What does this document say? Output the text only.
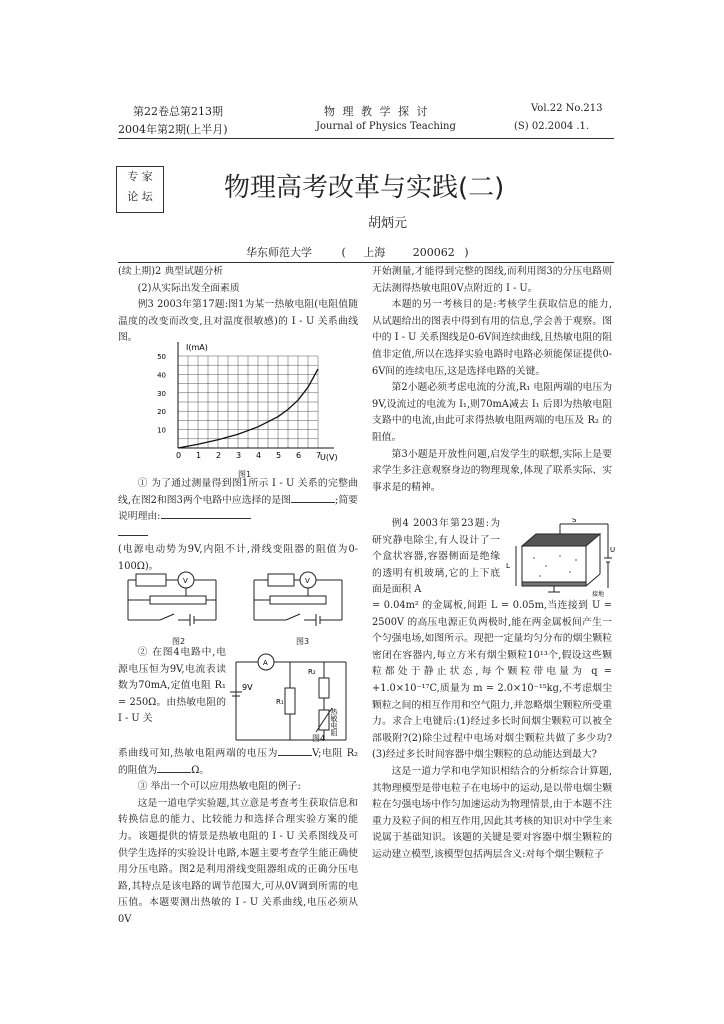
第22卷总第213期
2004年第2期(上半月)
物 理 教 学 探 讨
Journal of Physics Teaching
Vol.22 No.213
(S) 02.2004 .1.
专 家
论 坛	物理高考改革与实践(二)
胡炳元
华东师范大学	( 上海	200062 )

(续上期)2 典型试题分析

(2)从实际出发全面素质

例3 2003年第17题:图1为某一热敏电阻(电阻值随温度的改变而改变,且对温度很敏感)的 I - U 关系曲线图。

0 1 2 3 4 5 6 7
10
20
30
40
50
I(mA)
U(V)
图1

① 为了通过测量得到图1所示 I - U 关系的完整曲线,在图2和图3两个电路中应选择的是图	;简要说明理由:

(电源电动势为9V,内阻不计,滑线变阻器的阻值为0-100Ω)。

V
图2
V
图3

② 在图4电路中,电源电压恒为9V,电流表读数为70mA,定值电阻 R₁ = 250Ω。由热敏电阻的 I - U 关

A
9V
R₁
R₂
热敏电阻
图4

系曲线可知,热敏电阻两端的电压为	V;电阻 R₂ 的阻值为	Ω。

③ 举出一个可以应用热敏电阻的例子:

这是一道电学实验题,其立意是考查考生获取信息和转换信息的能力、比较能力和选择合理实验方案的能力。该题提供的情景是热敏电阻的 I - U 关系图线及可供学生选择的实验设计电路,本题主要考查学生能正确使用分压电路。图2是利用滑线变阻器组成的正确分压电路,其特点是该电路的调节范围大,可从0V调到所需的电压值。本题要测出热敏的 I - U 关系曲线,电压必须从0V

开始测量,才能得到完整的图线,而利用图3的分压电路则无法测得热敏电阻0V点附近的 I - U。

本题的另一考核目的是:考核学生获取信息的能力,从试题给出的图表中得到有用的信息,学会善于观察。图中的 I - U 关系图线是0-6V间连续曲线,且热敏电阻的阻值非定值,所以在选择实验电路时电路必须能保证提供0-6V间的连续电压,这是选择电路的关键。

第2小题必须考虑电流的分流,R₁ 电阻两端的电压为9V,设流过的电流为 I₁,则70mA减去 I₁ 后即为热敏电阻支路中的电流,由此可求得热敏电阻两端的电压及 R₂ 的阻值。

第3小题是开放性问题,启发学生的联想,实际上是要求学生多注意观察身边的物理现象,体现了联系实际、实事求是的精神。

例4 2003年第23题:为研究静电除尘,有人设计了一个盒状容器,容器侧面是绝缘的透明有机玻璃,它的上下底面是面积 A

S
U
L
接地

= 0.04m² 的金属板,间距 L = 0.05m,当连接到 U = 2500V 的高压电源正负两极时,能在两金属板间产生一个匀强电场,如图所示。现把一定量均匀分布的烟尘颗粒密闭在容器内,每立方米有烟尘颗粒10¹³个,假设这些颗粒都处于静止状态,每个颗粒带电量为 q = +1.0×10⁻¹⁷C,质量为 m = 2.0×10⁻¹⁵kg,不考虑烟尘颗粒之间的相互作用和空气阻力,并忽略烟尘颗粒所受重力。求合上电键后:(1)经过多长时间烟尘颗粒可以被全部吸附?(2)除尘过程中电场对烟尘颗粒共做了多少功?(3)经过多长时间容器中烟尘颗粒的总动能达到最大?

这是一道力学和电学知识相结合的分析综合计算题,其物理模型是带电粒子在电场中的运动,是以带电烟尘颗粒在匀强电场中作匀加速运动为物理情景,由于本题不注重力及粒子间的相互作用,因此其考核的知识对中学生来说属于基础知识。该题的关键是要对容器中烟尘颗粒的运动建立模型,该模型包括两层含义:对每个烟尘颗粒子
